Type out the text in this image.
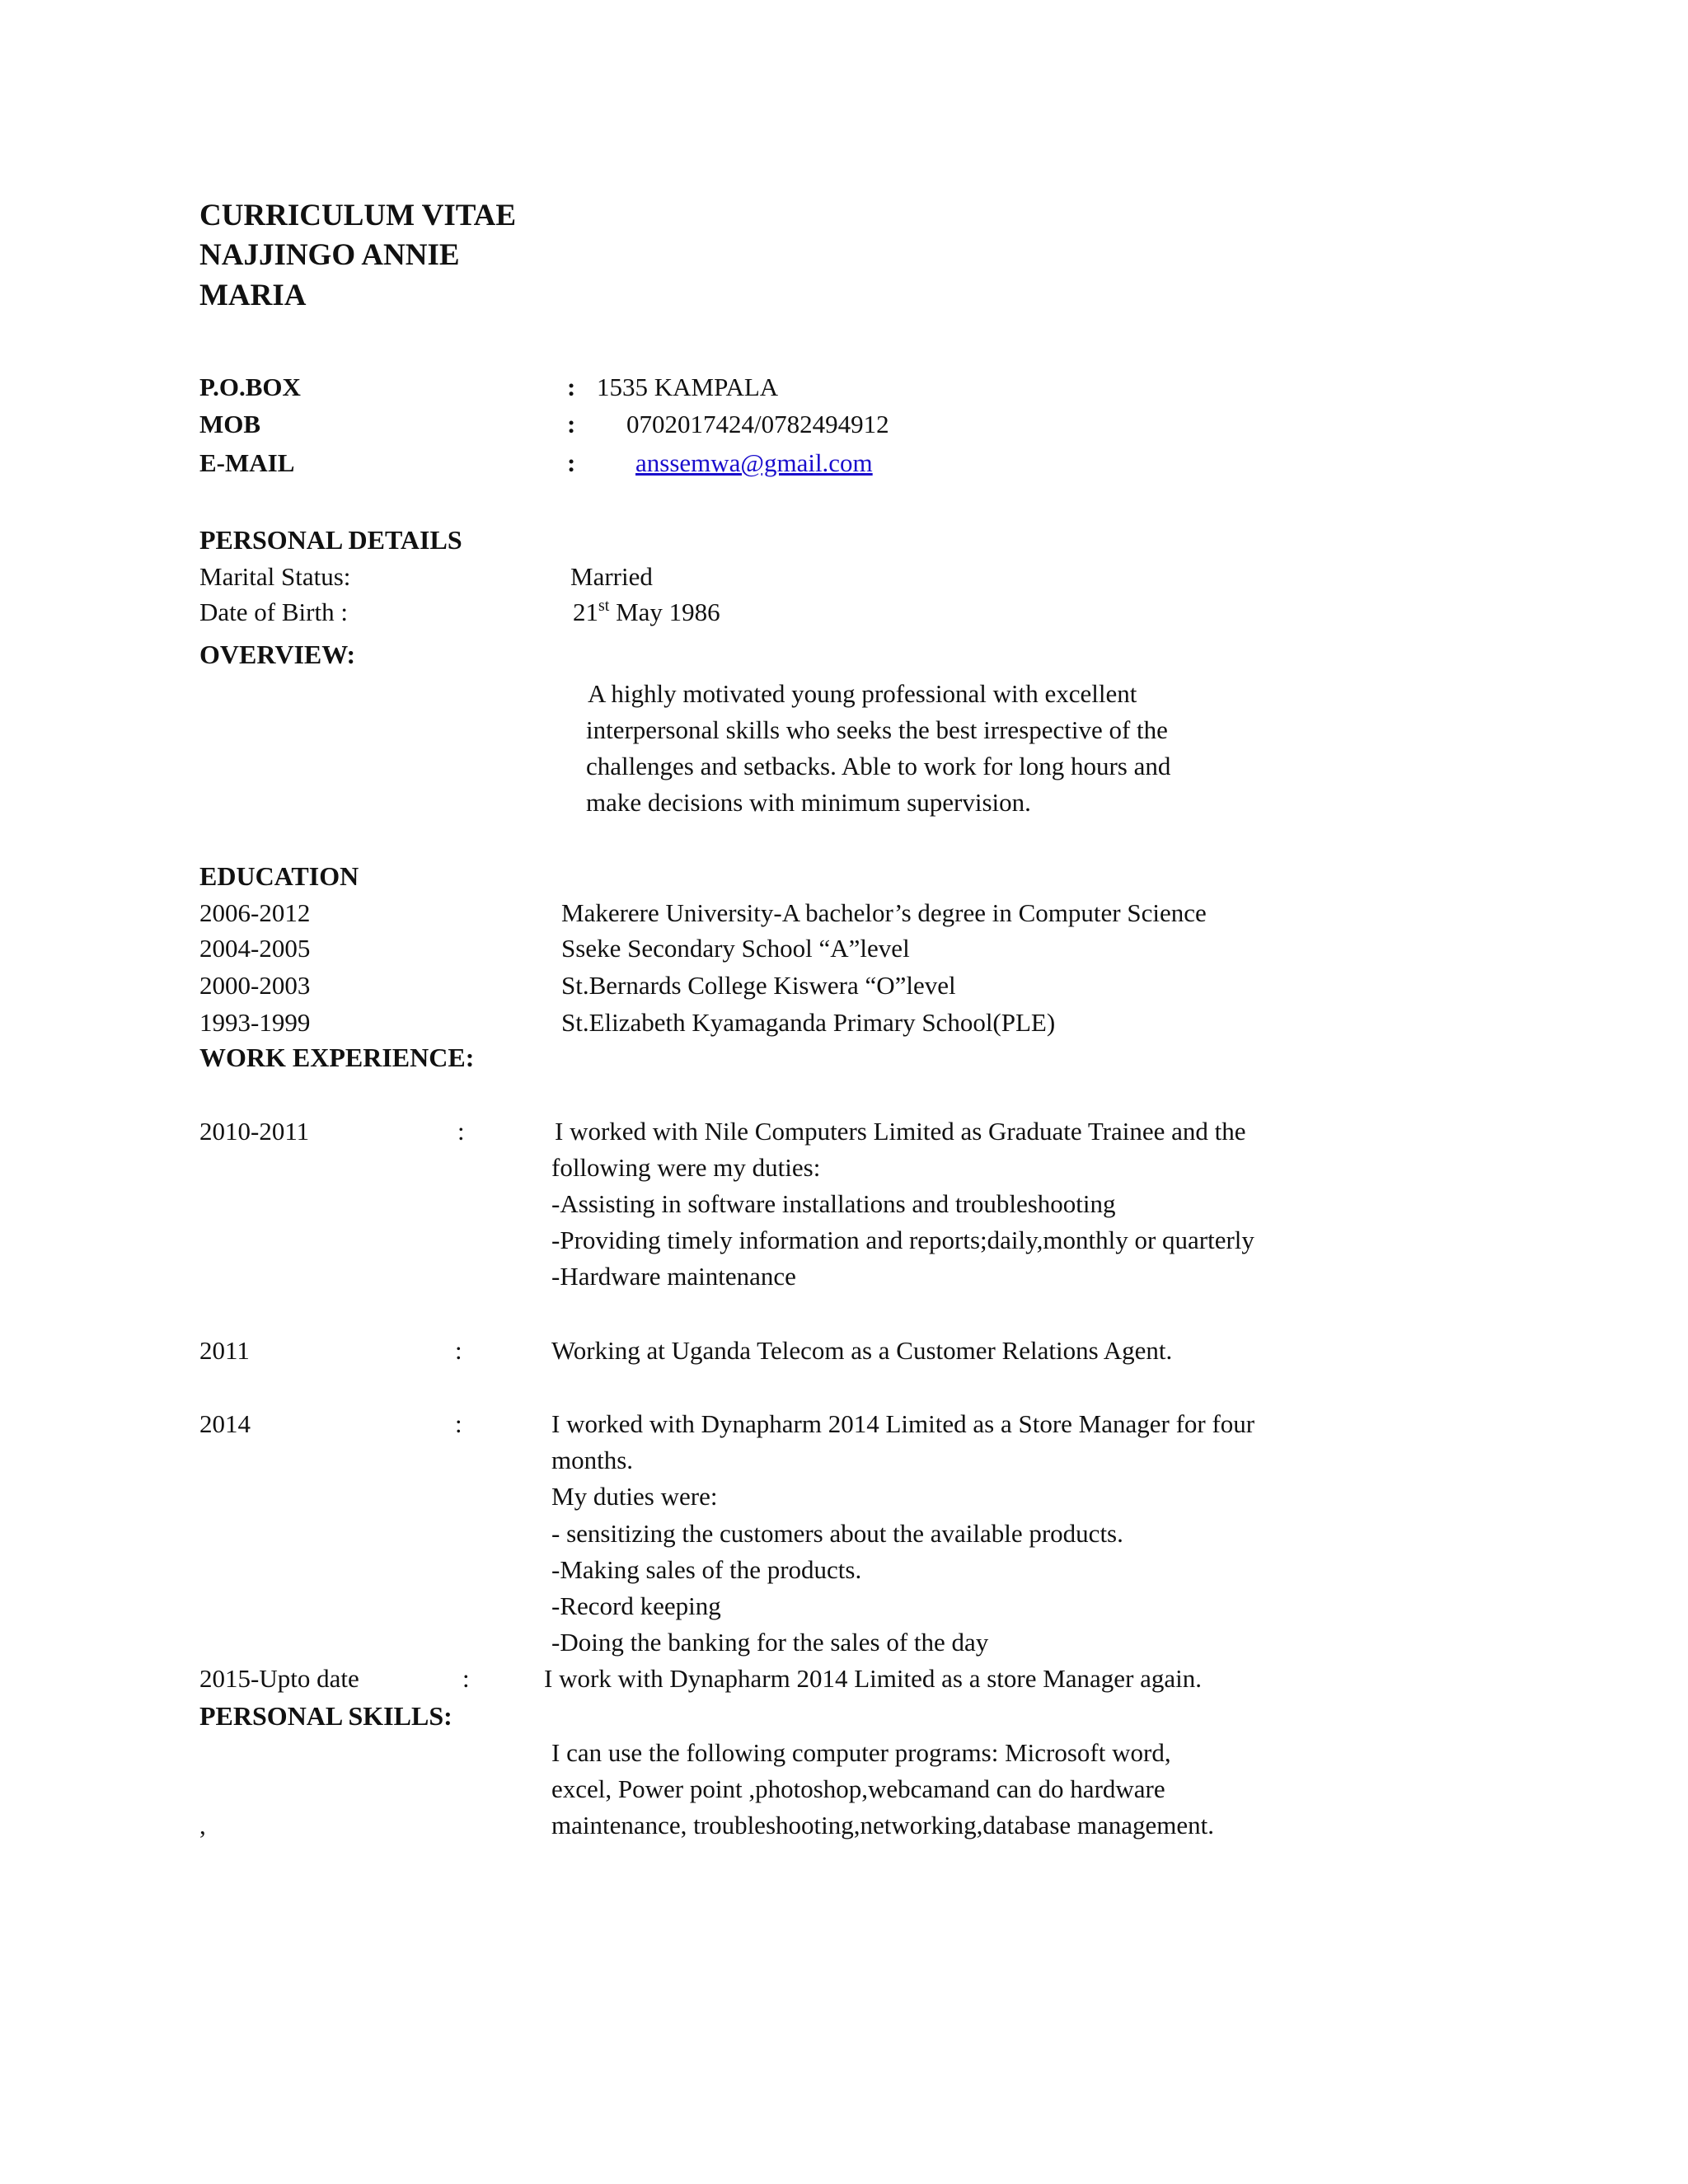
CURRICULUM VITAE
NAJJINGO ANNIE
MARIA
P.O.BOX	: 1535 KAMPALA
MOB	: 0702017424/0782494912
E-MAIL	: anssemwa@gmail.com
PERSONAL DETAILS
Marital Status:	Married
Date of Birth :	21st May 1986
OVERVIEW:
A highly motivated young professional with excellent
interpersonal skills who seeks the best irrespective of the
challenges and setbacks. Able to work for long hours and
make decisions with minimum supervision.
EDUCATION
2006-2012	Makerere University-A bachelor’s degree in Computer Science
2004-2005	Sseke Secondary School “A”level
2000-2003	St.Bernards College Kiswera “O”level
1993-1999	St.Elizabeth Kyamaganda Primary School(PLE)
WORK EXPERIENCE:
2010-2011	:	I worked with Nile Computers Limited as Graduate Trainee and the
following were my duties:
-Assisting in software installations and troubleshooting
-Providing timely information and reports;daily,monthly or quarterly
-Hardware maintenance
2011	:	Working at Uganda Telecom as a Customer Relations Agent.
2014	:	I worked with Dynapharm 2014 Limited as a Store Manager for four
months.
My duties were:
- sensitizing the customers about the available products.
-Making sales of the products.
-Record keeping
-Doing the banking for the sales of the day
2015-Upto date	:	I work with Dynapharm 2014 Limited as a store Manager again.
PERSONAL SKILLS:
I can use the following computer programs: Microsoft word,
excel, Power point ,photoshop,webcamand can do hardware
maintenance, troubleshooting,networking,database management.
,
